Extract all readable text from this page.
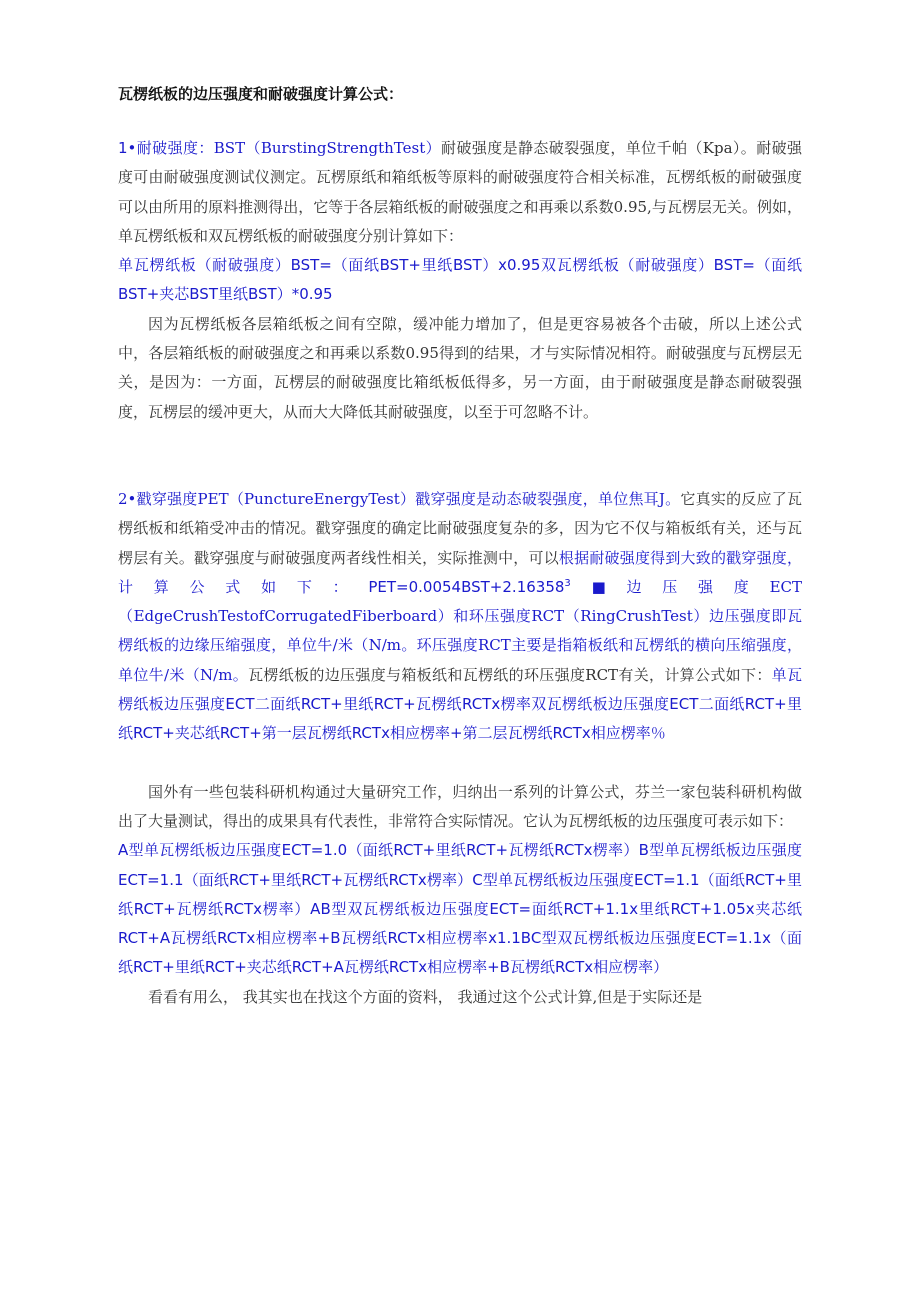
瓦楞纸板的边压强度和耐破强度计算公式：

1•耐破强度：BST（BurstingStrengthTest）耐破强度是静态破裂强度，单位千帕（Kpa）。耐破强度可由耐破强度测试仪测定。瓦楞原纸和箱纸板等原料的耐破强度符合相关标准，瓦楞纸板的耐破强度可以由所用的原料推测得出，它等于各层箱纸板的耐破强度之和再乘以系数0.95,与瓦楞层无关。例如，单瓦楞纸板和双瓦楞纸板的耐破强度分别计算如下：

单瓦楞纸板（耐破强度）BST=（面纸BST+里纸BST）x0.95双瓦楞纸板（耐破强度）BST=（面纸BST+夹芯BST里纸BST）*0.95

因为瓦楞纸板各层箱纸板之间有空隙，缓冲能力增加了，但是更容易被各个击破，所以上述公式中，各层箱纸板的耐破强度之和再乘以系数0.95得到的结果，才与实际情况相符。耐破强度与瓦楞层无关，是因为：一方面，瓦楞层的耐破强度比箱纸板低得多，另一方面，由于耐破强度是静态耐破裂强度，瓦楞层的缓冲更大，从而大大降低其耐破强度，以至于可忽略不计。

2•戳穿强度PET（PunctureEnergyTest）戳穿强度是动态破裂强度，单位焦耳J。它真实的反应了瓦楞纸板和纸箱受冲击的情况。戳穿强度的确定比耐破强度复杂的多，因为它不仅与箱板纸有关，还与瓦楞层有关。戳穿强度与耐破强度两者线性相关，实际推测中，可以根据耐破强度得到大致的戳穿强度，计算公式如下：$PET=0.0054BST+2.16358^3■$边压强度ECT（EdgeCrushTestofCorrugatedFiberboard）和环压强度RCT（RingCrushTest）边压强度即瓦楞纸板的边缘压缩强度，单位牛/米（N/m。环压强度RCT主要是指箱板纸和瓦楞纸的横向压缩强度，单位牛/米（N/m。瓦楞纸板的边压强度与箱板纸和瓦楞纸的环压强度RCT有关，计算公式如下：单瓦楞纸板边压强度ECT二面纸RCT+里纸RCT+瓦楞纸RCTx楞率双瓦楞纸板边压强度ECT二面纸RCT+里纸RCT+夹芯纸RCT+第一层瓦楞纸RCTx相应楞率+第二层瓦楞纸RCTx相应楞率％

国外有一些包装科研机构通过大量研究工作，归纳出一系列的计算公式，芬兰一家包装科研机构做出了大量测试，得出的成果具有代表性，非常符合实际情况。它认为瓦楞纸板的边压强度可表示如下：

A型单瓦楞纸板边压强度ECT=1.0（面纸RCT+里纸RCT+瓦楞纸RCTx楞率）B型单瓦楞纸板边压强度ECT=1.1（面纸RCT+里纸RCT+瓦楞纸RCTx楞率）C型单瓦楞纸板边压强度ECT=1.1（面纸RCT+里纸RCT+瓦楞纸RCTx楞率）AB型双瓦楞纸板边压强度ECT=面纸RCT+1.1x里纸RCT+1.05x夹芯纸RCT+A瓦楞纸RCTx相应楞率+B瓦楞纸RCTx相应楞率x1.1BC型双瓦楞纸板边压强度ECT=1.1x（面纸RCT+里纸RCT+夹芯纸RCT+A瓦楞纸RCTx相应楞率+B瓦楞纸RCTx相应楞率）

看看有用么， 我其实也在找这个方面的资料， 我通过这个公式计算,但是于实际还是
